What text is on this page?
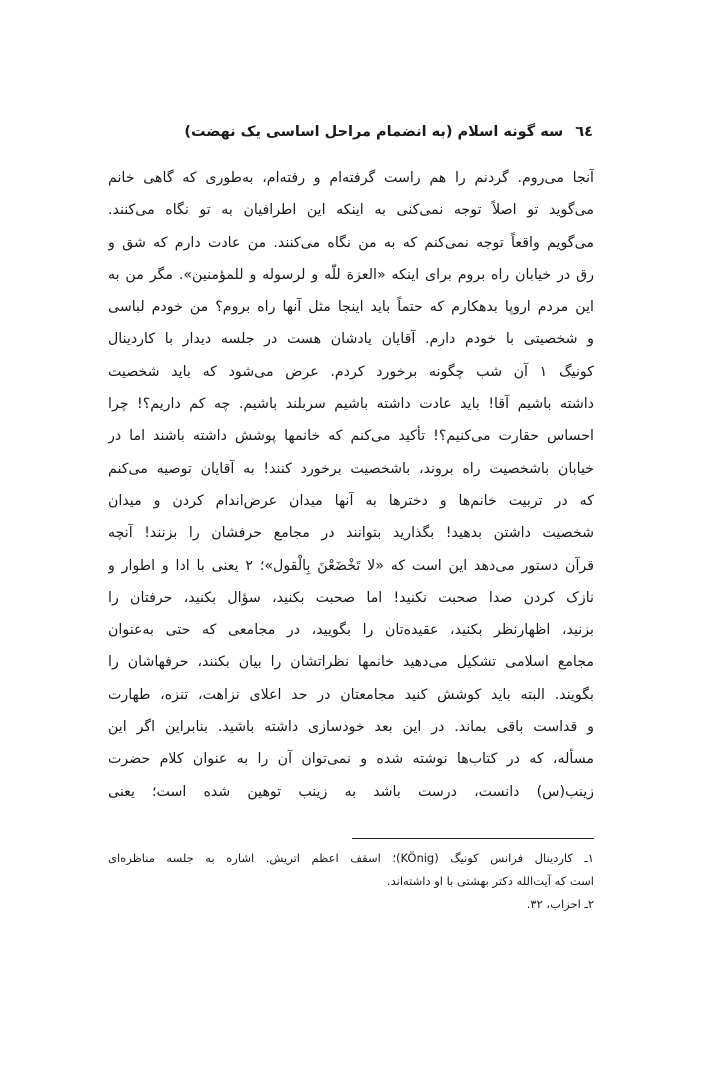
٦٤
سه گونه اسلام (به انضمام مراحل اساسی یک نهضت)
آنجا می‌روم. گردنم را هم راست گرفته‌ام و رفته‌ام، به‌طوری که گاهی خانم
می‌گوید تو اصلاً توجه نمی‌کنی به اینکه این اطرافیان به تو نگاه می‌کنند.
می‌گویم واقعاً توجه نمی‌کنم که به من نگاه می‌کنند. من عادت دارم که شق و
رق در خیابان راه بروم برای اینکه «العزة للّه و لرسوله و للمؤمنین». مگر من به
این مردم اروپا بدهکارم که حتماً باید اینجا مثل آنها راه بروم؟ من خودم لباسی
و شخصیتی با خودم دارم. آقایان یادشان هست در جلسه دیدار با کاردینال
کونیگ ۱ آن شب چگونه برخورد کردم. عرض می‌شود که باید شخصیت
داشته باشیم آقا! باید عادت داشته باشیم سربلند باشیم. چه کم داریم؟! چرا
احساس حقارت می‌کنیم؟! تأکید می‌کنم که خانمها پوشش داشته باشند اما در
خیابان باشخصیت راه بروند، باشخصیت برخورد کنند! به آقایان توصیه می‌کنم
که در تربیت خانم‌ها و دخترها به آنها میدان عرض‌اندام کردن و میدان
شخصیت داشتن بدهید! بگذارید بتوانند در مجامع حرفشان را بزنند! آنچه
قرآن دستور می‌دهد این است که «لا تَخْضَعْنَ بِالْقول»؛ ۲ یعنی با ادا و اطوار و
نازک کردن صدا صحبت نکنید! اما صحبت بکنید، سؤال بکنید، حرفتان را
بزنید، اظهارنظر بکنید، عقیده‌تان را بگویید، در مجامعی که حتی به‌عنوان
مجامع اسلامی تشکیل می‌دهید خانمها نظراتشان را بیان بکنند، حرفهاشان را
بگویند. البته باید کوشش کنید مجامعتان در حد اعلای نزاهت، تنزه، طهارت
و قداست باقی بماند. در این بعد خودسازی داشته باشید. بنابراین اگر این
مسأله، که در کتاب‌ها نوشته شده و نمی‌توان آن را به عنوان کلام حضرت
زینب(س) دانست، درست باشد به زینب توهین شده است؛ یعنی
۱ـ کاردینال فرانس کونیگ (KÖnig)؛ اسقف اعظم اتریش. اشاره به جلسه مناظره‌ای
است که آیت‌الله دکتر بهشتی با او داشته‌اند.
۲ـ احزاب، ۳۲.
